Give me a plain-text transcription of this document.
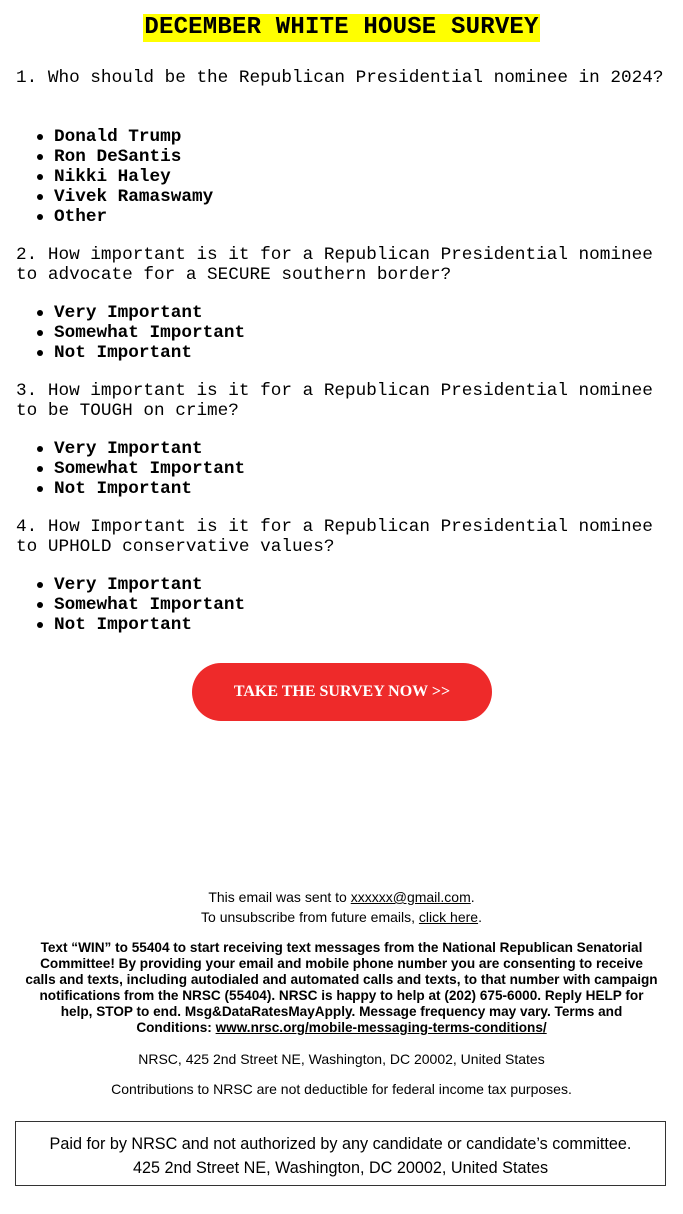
DECEMBER WHITE HOUSE SURVEY
1. Who should be the Republican Presidential nominee in 2024?
Donald Trump
Ron DeSantis
Nikki Haley
Vivek Ramaswamy
Other
2. How important is it for a Republican Presidential nominee to advocate for a SECURE southern border?
Very Important
Somewhat Important
Not Important
3. How important is it for a Republican Presidential nominee to be TOUGH on crime?
Very Important
Somewhat Important
Not Important
4. How Important is it for a Republican Presidential nominee to UPHOLD conservative values?
Very Important
Somewhat Important
Not Important
TAKE THE SURVEY NOW >>
This email was sent to xxxxxx@gmail.com.
To unsubscribe from future emails, click here.
Text “WIN” to 55404 to start receiving text messages from the National Republican Senatorial Committee! By providing your email and mobile phone number you are consenting to receive calls and texts, including autodialed and automated calls and texts, to that number with campaign notifications from the NRSC (55404). NRSC is happy to help at (202) 675-6000. Reply HELP for help, STOP to end. Msg&DataRatesMayApply. Message frequency may vary. Terms and Conditions: www.nrsc.org/mobile-messaging-terms-conditions/
NRSC, 425 2nd Street NE, Washington, DC 20002, United States
Contributions to NRSC are not deductible for federal income tax purposes.
Paid for by NRSC and not authorized by any candidate or candidate’s committee. 425 2nd Street NE, Washington, DC 20002, United States
